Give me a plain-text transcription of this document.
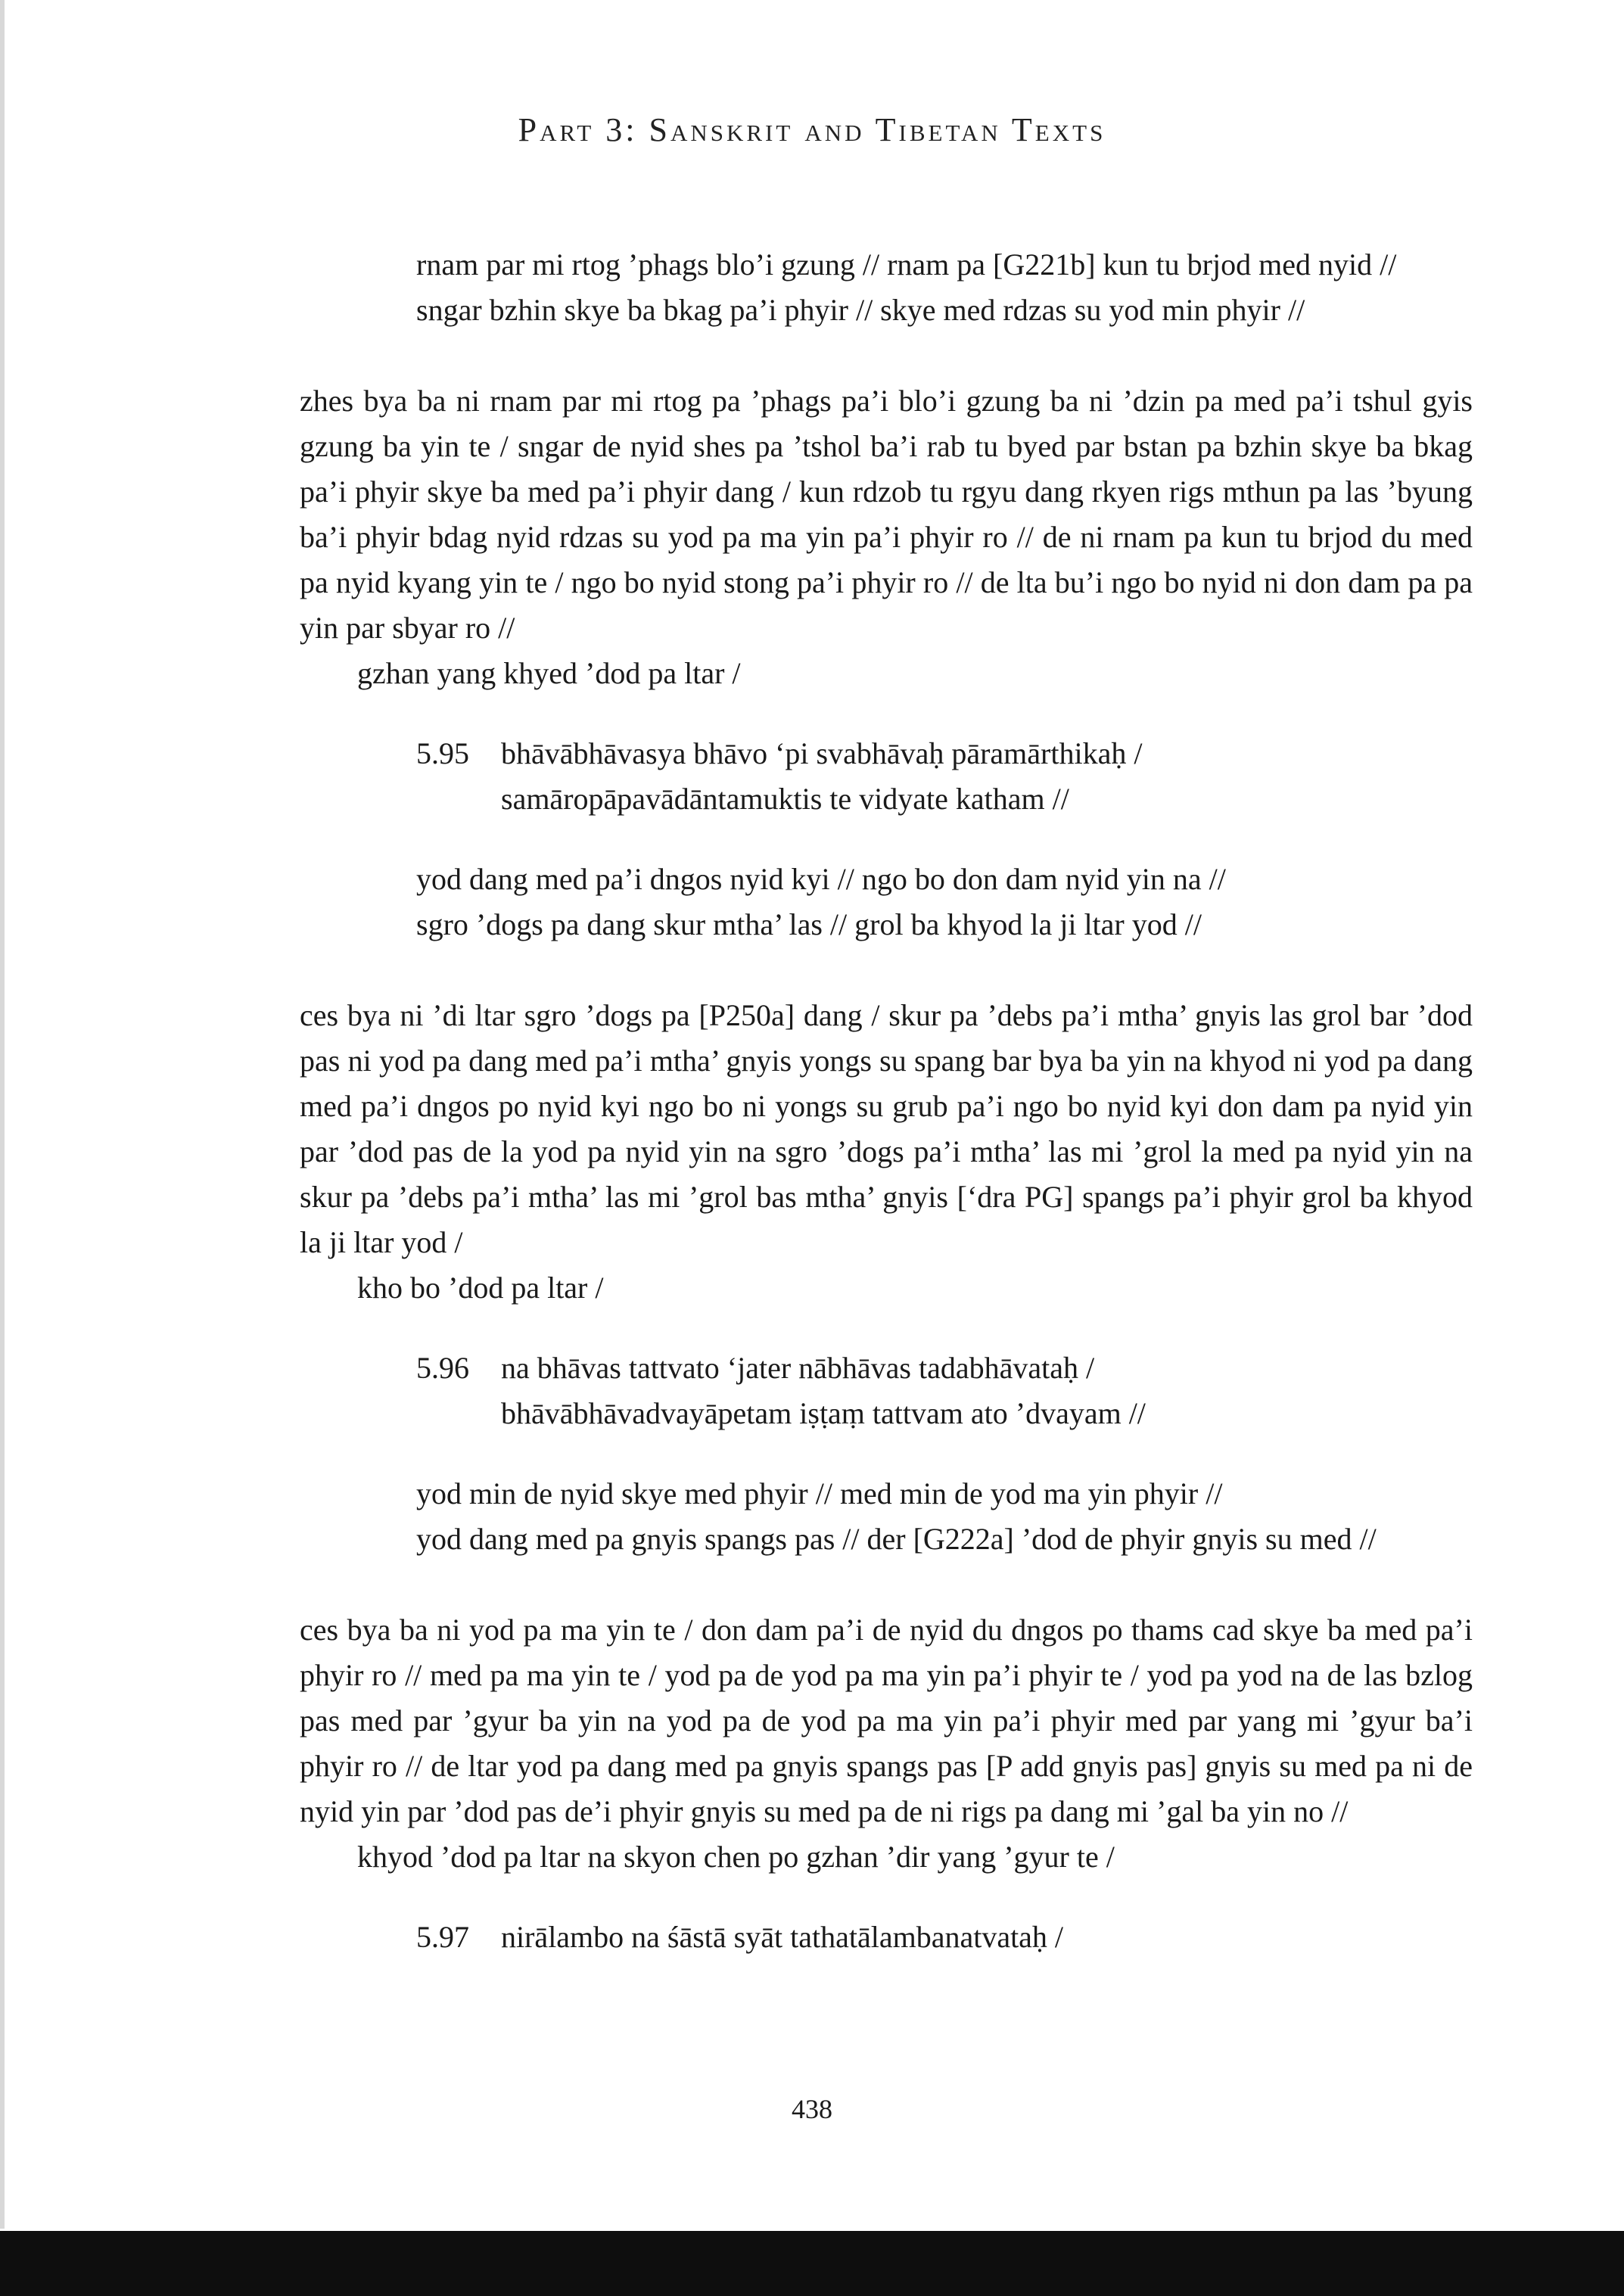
Part 3: Sanskrit and Tibetan Texts
rnam par mi rtog ’phags blo’i gzung // rnam pa [G221b] kun tu brjod med nyid //
sngar bzhin skye ba bkag pa’i phyir // skye med rdzas su yod min phyir //

zhes bya ba ni rnam par mi rtog pa ’phags pa’i blo’i gzung ba ni ’dzin pa med pa’i tshul gyis gzung ba yin te / sngar de nyid shes pa ’tshol ba’i rab tu byed par bstan pa bzhin skye ba bkag pa’i phyir skye ba med pa’i phyir dang / kun rdzob tu rgyu dang rkyen rigs mthun pa las ’byung ba’i phyir bdag nyid rdzas su yod pa ma yin pa’i phyir ro // de ni rnam pa kun tu brjod du med pa nyid kyang yin te / ngo bo nyid stong pa’i phyir ro // de lta bu’i ngo bo nyid ni don dam pa pa yin par sbyar ro //

gzhan yang khyed ’dod pa ltar /

5.95	bhāvābhāvasya bhāvo ‘pi svabhāvaḥ pāramārthikaḥ /
samāropāpavādāntamuktis te vidyate katham //
yod dang med pa’i dngos nyid kyi // ngo bo don dam nyid yin na //
sgro ’dogs pa dang skur mtha’ las // grol ba khyod la ji ltar yod //

ces bya ni ’di ltar sgro ’dogs pa [P250a] dang / skur pa ’debs pa’i mtha’ gnyis las grol bar ’dod pas ni yod pa dang med pa’i mtha’ gnyis yongs su spang bar bya ba yin na khyod ni yod pa dang med pa’i dngos po nyid kyi ngo bo ni yongs su grub pa’i ngo bo nyid kyi don dam pa nyid yin par ’dod pas de la yod pa nyid yin na sgro ’dogs pa’i mtha’ las mi ’grol la med pa nyid yin na skur pa ’debs pa’i mtha’ las mi ’grol bas mtha’ gnyis [‘dra PG] spangs pa’i phyir grol ba khyod la ji ltar yod /

kho bo ’dod pa ltar /

5.96	na bhāvas tattvato ‘jater nābhāvas tadabhāvataḥ /
bhāvābhāvadvayāpetam iṣṭaṃ tattvam ato ’dvayam //
yod min de nyid skye med phyir // med min de yod ma yin phyir //
yod dang med pa gnyis spangs pas // der [G222a] ’dod de phyir gnyis su med //

ces bya ba ni yod pa ma yin te / don dam pa’i de nyid du dngos po thams cad skye ba med pa’i phyir ro // med pa ma yin te / yod pa de yod pa ma yin pa’i phyir te / yod pa yod na de las bzlog pas med par ’gyur ba yin na yod pa de yod pa ma yin pa’i phyir med par yang mi ’gyur ba’i phyir ro // de ltar yod pa dang med pa gnyis spangs pas [P add gnyis pas] gnyis su med pa ni de nyid yin par ’dod pas de’i phyir gnyis su med pa de ni rigs pa dang mi ’gal ba yin no //

khyod ’dod pa ltar na skyon chen po gzhan ’dir yang ’gyur te /

5.97	nirālambo na śāstā syāt tathatālambanatvataḥ /
438
